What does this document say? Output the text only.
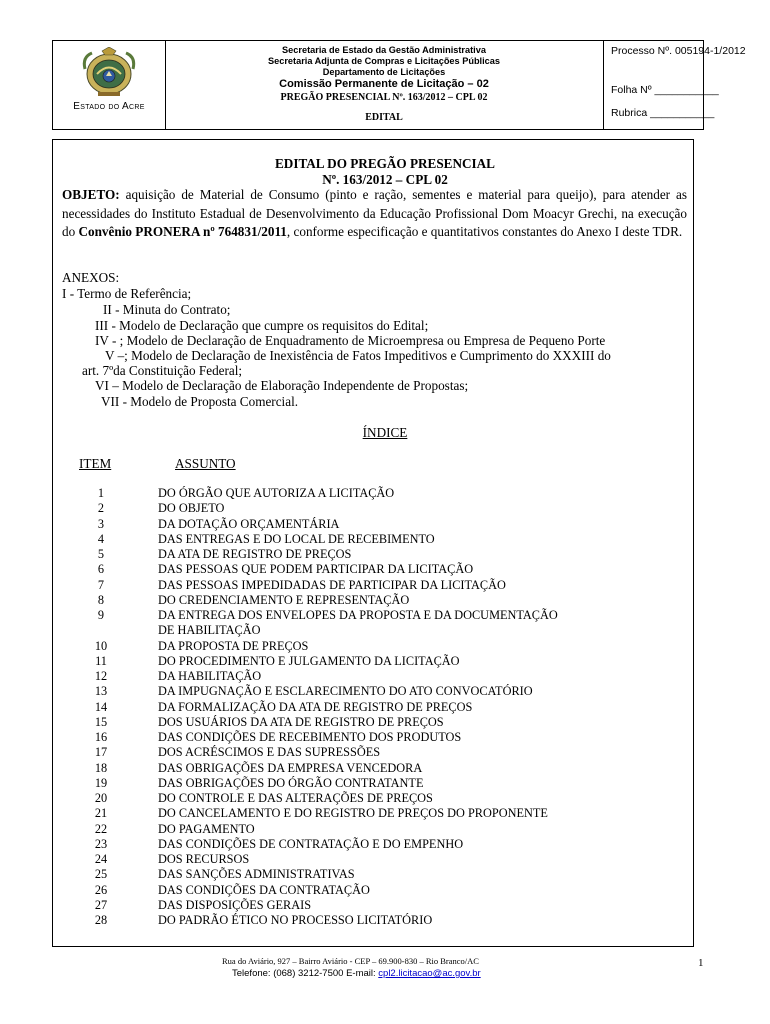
Estado do Acre
Secretaria de Estado da Gestão Administrativa
Secretaria Adjunta de Compras e Licitações Públicas
Departamento de Licitações
Comissão Permanente de Licitação – 02
PREGÃO PRESENCIAL Nº. 163/2012 – CPL 02
EDITAL
Processo Nº. 005194-1/2012
Folha Nº ___________
Rubrica ___________
EDITAL DO PREGÃO PRESENCIAL
Nº. 163/2012 – CPL 02
OBJETO: aquisição de Material de Consumo (pinto e ração, sementes e material para queijo), para atender as necessidades do Instituto Estadual de Desenvolvimento da Educação Profissional Dom Moacyr Grechi, na execução do Convênio PRONERA nº 764831/2011, conforme especificação e quantitativos constantes do Anexo I deste TDR.
ANEXOS:
I - Termo de Referência;
II - Minuta do Contrato;
III - Modelo de Declaração que cumpre os requisitos do Edital;
IV - ; Modelo de Declaração de Enquadramento de Microempresa ou Empresa de Pequeno Porte
V –; Modelo de Declaração de Inexistência de Fatos Impeditivos e Cumprimento do XXXIII do
art. 7ºda Constituição Federal;
VI – Modelo de Declaração de Elaboração Independente de Propostas;
VII - Modelo de Proposta Comercial.
ÍNDICE
ITEM	ASSUNTO
1	DO ÓRGÃO QUE AUTORIZA A LICITAÇÃO
2	DO OBJETO
3	DA DOTAÇÃO ORÇAMENTÁRIA
4	DAS ENTREGAS E DO LOCAL DE RECEBIMENTO
5	DA ATA DE REGISTRO DE PREÇOS
6	DAS PESSOAS QUE PODEM PARTICIPAR DA LICITAÇÃO
7	DAS PESSOAS IMPEDIDADAS DE PARTICIPAR DA LICITAÇÃO
8	DO CREDENCIAMENTO E REPRESENTAÇÃO
9	DA ENTREGA DOS ENVELOPES DA PROPOSTA E DA DOCUMENTAÇÃO
DE HABILITAÇÃO
10	DA PROPOSTA DE PREÇOS
11	DO PROCEDIMENTO E JULGAMENTO DA LICITAÇÃO
12	DA HABILITAÇÃO
13	DA IMPUGNAÇÃO E ESCLARECIMENTO DO ATO CONVOCATÓRIO
14	DA FORMALIZAÇÃO DA ATA DE REGISTRO DE PREÇOS
15	DOS USUÁRIOS DA ATA DE REGISTRO DE PREÇOS
16	DAS CONDIÇÕES DE RECEBIMENTO DOS PRODUTOS
17	DOS ACRÉSCIMOS E DAS SUPRESSÕES
18	DAS OBRIGAÇÕES DA EMPRESA VENCEDORA
19	DAS OBRIGAÇÕES DO ÓRGÃO CONTRATANTE
20	DO CONTROLE E DAS ALTERAÇÕES DE PREÇOS
21	DO CANCELAMENTO E DO REGISTRO DE PREÇOS DO PROPONENTE
22	DO PAGAMENTO
23	DAS CONDIÇÕES DE CONTRATAÇÃO E DO EMPENHO
24	DOS RECURSOS
25	DAS SANÇÕES ADMINISTRATIVAS
26	DAS CONDIÇÕES DA CONTRATAÇÃO
27	DAS DISPOSIÇÕES GERAIS
28	DO PADRÃO ÉTICO NO PROCESSO LICITATÓRIO
Rua do Aviário, 927 – Bairro Aviário - CEP – 69.900-830 – Rio Branco/AC	1
Telefone: (068) 3212-7500 E-mail: cpl2.licitacao@ac.gov.br
